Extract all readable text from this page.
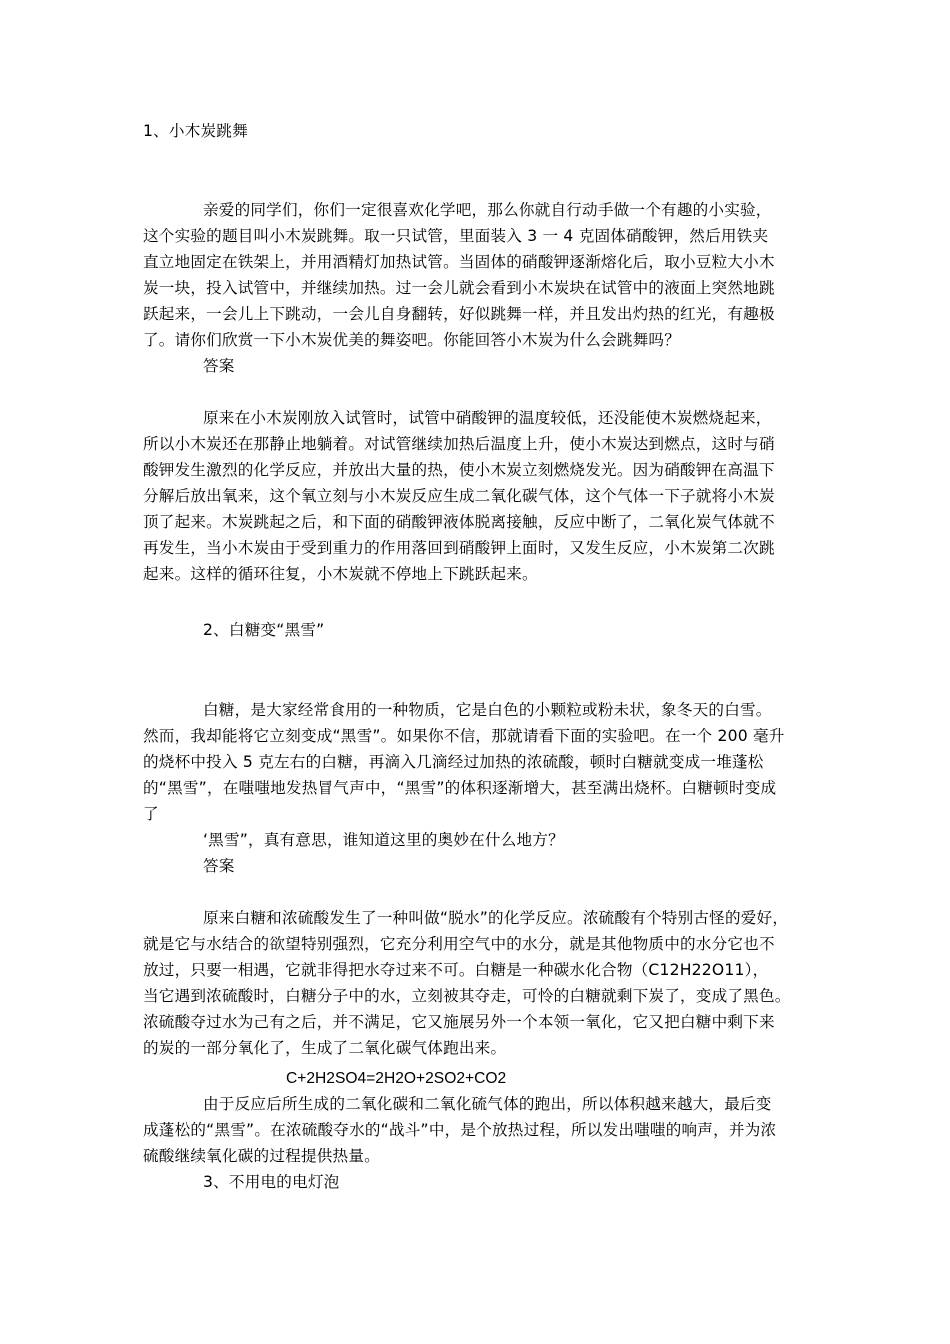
1、小木炭跳舞
亲爱的同学们，你们一定很喜欢化学吧，那么你就自行动手做一个有趣的小实验，
这个实验的题目叫小木炭跳舞。取一只试管，里面装入 3 一 4 克固体硝酸钾，然后用铁夹
直立地固定在铁架上，并用酒精灯加热试管。当固体的硝酸钾逐渐熔化后，取小豆粒大小木
炭一块，投入试管中，并继续加热。过一会儿就会看到小木炭块在试管中的液面上突然地跳
跃起来，一会儿上下跳动，一会儿自身翻转，好似跳舞一样，并且发出灼热的红光，有趣极
了。请你们欣赏一下小木炭优美的舞姿吧。你能回答小木炭为什么会跳舞吗？
答案
原来在小木炭刚放入试管时，试管中硝酸钾的温度较低，还没能使木炭燃烧起来，
所以小木炭还在那静止地躺着。对试管继续加热后温度上升，使小木炭达到燃点，这时与硝
酸钾发生激烈的化学反应，并放出大量的热，使小木炭立刻燃烧发光。因为硝酸钾在高温下
分解后放出氧来，这个氧立刻与小木炭反应生成二氧化碳气体，这个气体一下子就将小木炭
顶了起来。木炭跳起之后，和下面的硝酸钾液体脱离接触，反应中断了，二氧化炭气体就不
再发生，当小木炭由于受到重力的作用落回到硝酸钾上面时，又发生反应，小木炭第二次跳
起来。这样的循环往复，小木炭就不停地上下跳跃起来。
2、白糖变“黑雪”
白糖，是大家经常食用的一种物质，它是白色的小颗粒或粉未状，象冬天的白雪。
然而，我却能将它立刻变成“黑雪”。如果你不信，那就请看下面的实验吧。在一个 200 毫升
的烧杯中投入 5 克左右的白糖，再滴入几滴经过加热的浓硫酸，顿时白糖就变成一堆蓬松
的“黑雪”，在嗤嗤地发热冒气声中，“黑雪”的体积逐渐增大，甚至满出烧杯。白糖顿时变成
了
‘黑雪”，真有意思，谁知道这里的奥妙在什么地方？
答案
原来白糖和浓硫酸发生了一种叫做“脱水”的化学反应。浓硫酸有个特别古怪的爱好，
就是它与水结合的欲望特别强烈，它充分利用空气中的水分，就是其他物质中的水分它也不
放过，只要一相遇，它就非得把水夺过来不可。白糖是一种碳水化合物（C12H22O11），
当它遇到浓硫酸时，白糖分子中的水，立刻被其夺走，可怜的白糖就剩下炭了，变成了黑色。
浓硫酸夺过水为己有之后，并不满足，它又施展另外一个本领一氧化，它又把白糖中剩下来
的炭的一部分氧化了，生成了二氧化碳气体跑出来。
C+2H2SO4=2H2O+2SO2+CO2
由于反应后所生成的二氧化碳和二氧化硫气体的跑出，所以体积越来越大，最后变
成蓬松的“黑雪”。在浓硫酸夺水的“战斗”中，是个放热过程，所以发出嗤嗤的响声，并为浓
硫酸继续氧化碳的过程提供热量。
3、不用电的电灯泡
